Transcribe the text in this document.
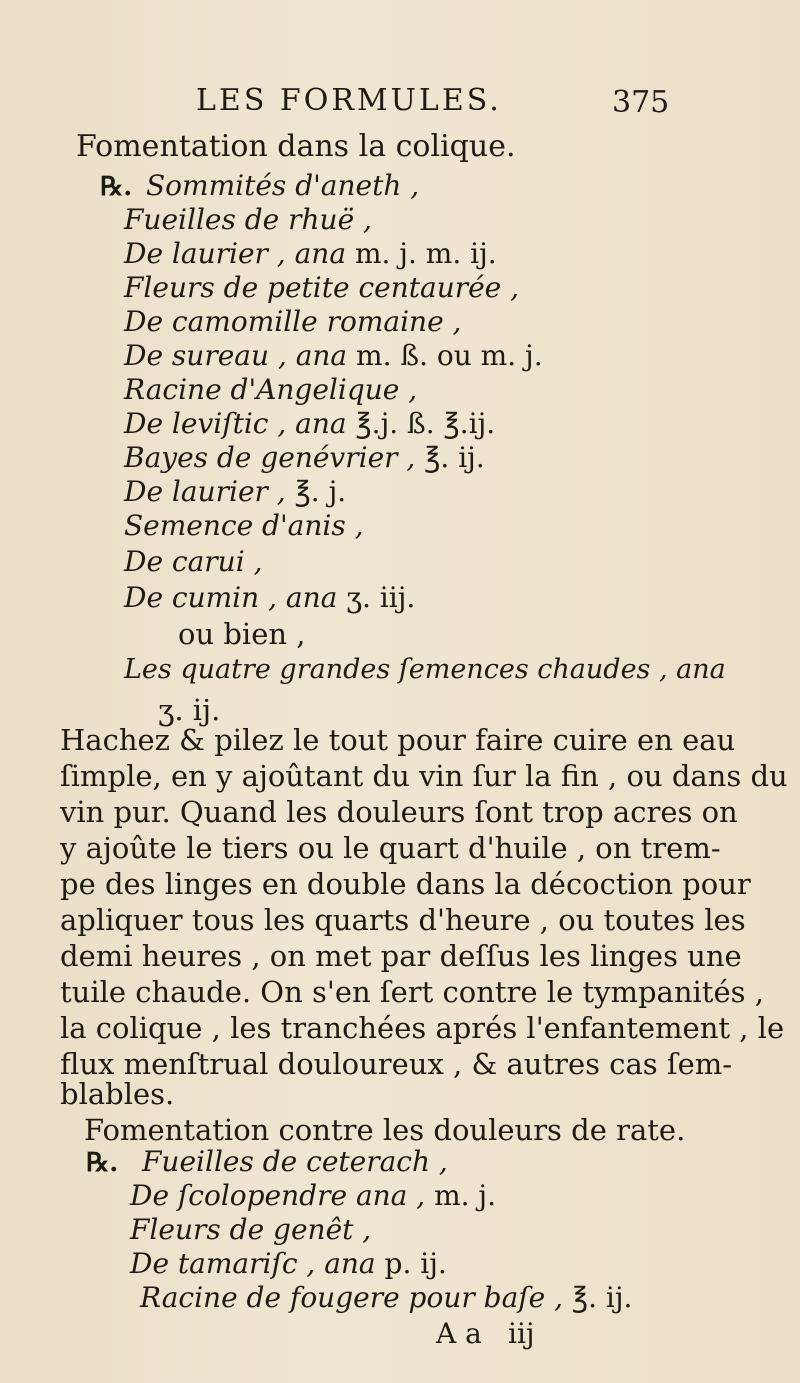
LES FORMULES.	375
Fomentation dans la colique.
℞. Sommités d'aneth ,
Fueilles de rhuë ,
De laurier , ana m. j. m. ij.
Fleurs de petite centaurée ,
De camomille romaine ,
De sureau , ana m. ß. ou m. j.
Racine d'Angelique ,
De leviſtic , ana ℥.j. ß. ℥.ij.
Bayes de genévrier , ℥. ij.
De laurier , ℥. j.
Semence d'anis ,
De carui ,
De cumin , ana ʒ. iij.
ou bien ,
Les quatre grandes ſemences chaudes , ana
ʒ. ij.
Hachez & pilez le tout pour faire cuire en eau
ſimple, en y ajoûtant du vin ſur la fin , ou dans du
vin pur. Quand les douleurs ſont trop acres on
y ajoûte le tiers ou le quart d'huile , on trem-
pe des linges en double dans la décoction pour
apliquer tous les quarts d'heure , ou toutes les
demi heures , on met par deſſus les linges une
tuile chaude. On s'en ſert contre le tympanités ,
la colique , les tranchées aprés l'enfantement , le
flux menſtrual douloureux , & autres cas ſem-
blables.
Fomentation contre les douleurs de rate.
℞. Fueilles de ceterach ,
De ſcolopendre ana , m. j.
Fleurs de genêt ,
De tamariſc , ana p. ij.
Racine de fougere pour baſe , ℥. ij.
A a iij
